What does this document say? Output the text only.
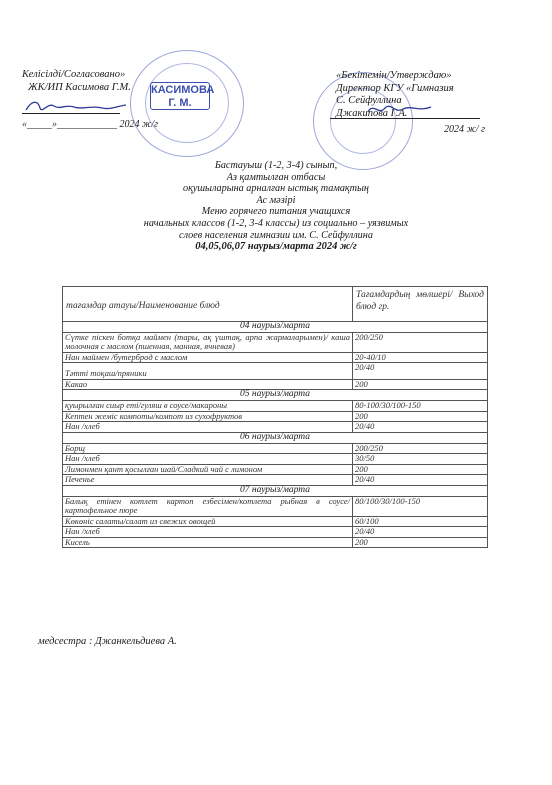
Келісілді/Согласовано»
ЖК/ИП Касимова Г.М.
«_____»____________ 2024 ж/г
КАСИМОВА
Г. М.
«Бекітемін/Утверждаю»
Директор КГУ «Гимназия
С. Сейфуллина
Джакипова Г.А.
2024 ж/ г
Бастауыш (1-2, 3-4) сынып,
Аз қамтылған отбасы
оқушыларына арналған ыстық тамақтың
Ас мәзірі
Меню горячего питания учащихся
начальных классов (1-2, 3-4 классы) из социально – уязвимых
слоев населения гимназии им. С. Сейфуллина
04,05,06,07 наурыз/марта 2024 ж/г
тағамдар атауы/Наименование блюд	Тағамдардың мөлшері/ Выход блюд гр.
04 наурыз/марта	
Сүтке піскен ботқа маймен (тары, ақ үштақ, арпа жармаларымен)/ каша молочная с маслом (пшенная, манная, ячневая)	200/250
Нан маймен /бутерброд с маслом	20-40/10
Тәтті тоқаш/пряники	20/40
Какао	200
05 наурыз/марта	
қуырылған сиыр еті/гуляш в соусе/макароны	80-100/30/100-150
Кептен жеміс компоты/компот из сухофруктов	200
Нан /хлеб	20/40
06 наурыз/марта	
Борщ	200/250
Нан /хлеб	30/50
Лимонмен қант қосылған шай/Сладкий чай с лимоном	200
Печенье	20/40
07 наурыз/марта	
Балық етінен котлет картоп езбесімен/котлета рыбная в соусе/картофельное пюре	80/100/30/100-150
Көкөніс салаты/салат из свежих овощей	60/100
Нан /хлеб	20/40
Кисель	200
медсестра : Джанкельдиева А.
